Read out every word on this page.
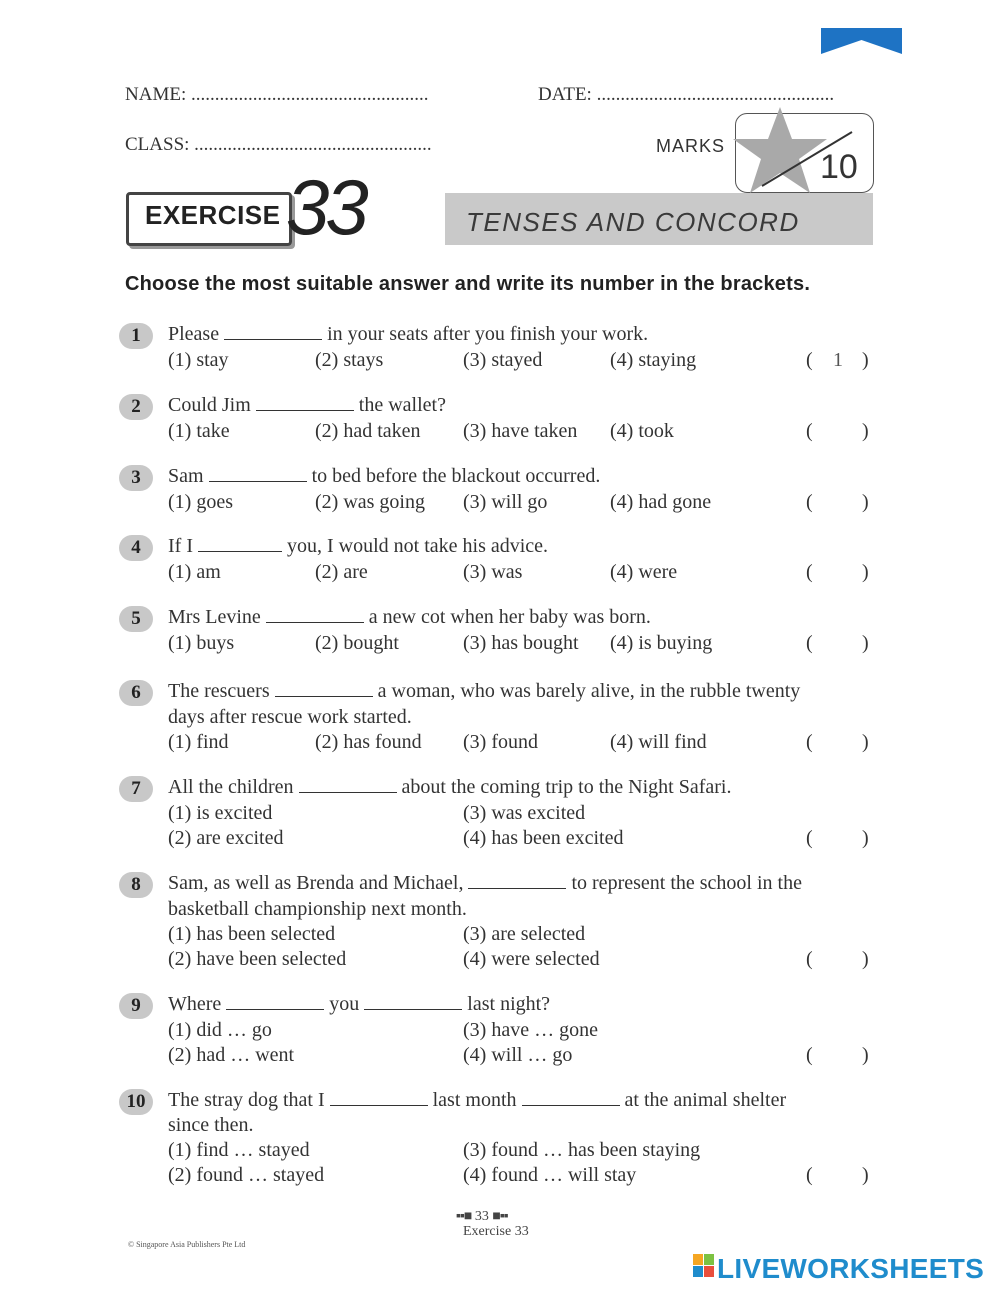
NAME: ..................................................	DATE: ..................................................
CLASS: ..................................................	MARKS
10
EXERCISE 33	TENSES AND CONCORD
Choose the most suitable answer and write its number in the brackets.
1	Please	in your seats after you finish your work.
(1) stay	(2) stays	(3) stayed	(4) staying	( 1 )
2	Could Jim	the wallet?
(1) take	(2) had taken (3) have taken (4) took	( )
3	Sam	to bed before the blackout occurred.
(1) goes	(2) was going (3) will go	(4) had gone	( )
4	If I	you, I would not take his advice.
(1) am	(2) are	(3) was	(4) were	( )
5	Mrs Levine	a new cot when her baby was born.
(1) buys	(2) bought	(3) has bought (4) is buying	( )
6	The rescuers	a woman, who was barely alive, in the rubble twenty
days after rescue work started.
(1) find	(2) has found (3) found	(4) will find	( )
7	All the children	about the coming trip to the Night Safari.
(1) is excited	(3) was excited
(2) are excited	(4) has been excited	( )
8	Sam, as well as Brenda and Michael,	to represent the school in the
basketball championship next month.
(1) has been selected	(3) are selected
(2) have been selected	(4) were selected	( )
9	Where	you	last night?
(1) did … go	(3) have … gone
(2) had … went	(4) will … go	( )
10	The stray dog that I	last month	at the animal shelter
since then.
(1) find … stayed	(3) found … has been staying
(2) found … stayed	(4) found … will stay	( )
▪▪■ 33 ■▪▪
Exercise 33
© Singapore Asia Publishers Pte Ltd
LIVEWORKSHEETS
